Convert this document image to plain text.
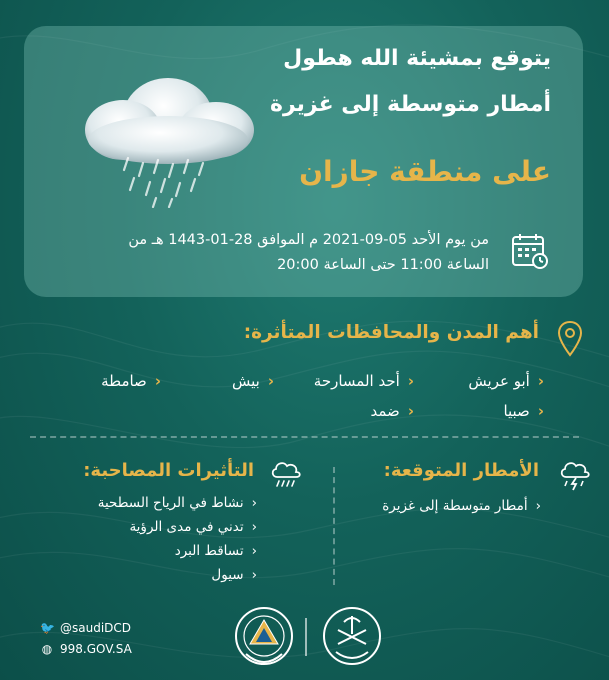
يتوقع بمشيئة الله هطول
أمطار متوسطة إلى غزيرة
على منطقة جازان
من يوم الأحد 05-09-2021 م الموافق 28-01-1443 هـ من
الساعة 11:00 حتى الساعة 20:00
أهم المدن والمحافظات المتأثرة:
‹أبو عريش
‹أحد المسارحة
‹بيش
‹صامطة
‹صبيا
‹ضمد
الأمطار المتوقعة:
‹أمطار متوسطة إلى غزيرة
التأثيرات المصاحبة:
‹نشاط في الرياح السطحية
‹تدني في مدى الرؤية
‹تساقط البرد
‹سيول
🐦 @saudiDCD
◍ 998.GOV.SA
